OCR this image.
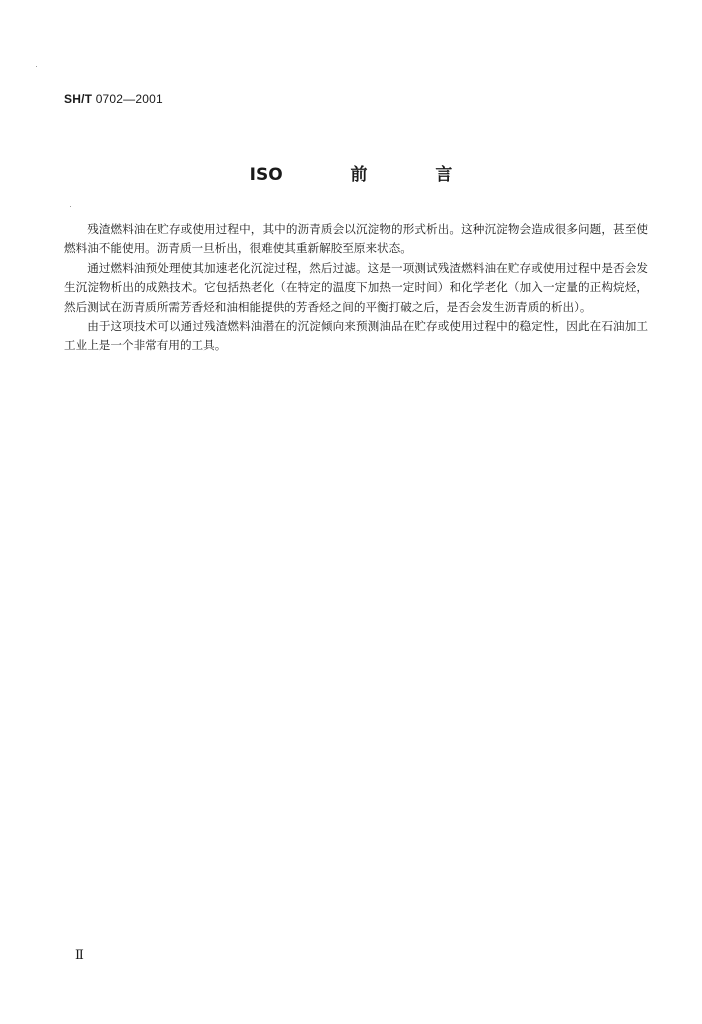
SH/T 0702—2001
ISO  前  言

残渣燃料油在贮存或使用过程中，其中的沥青质会以沉淀物的形式析出。这种沉淀物会造成很多问题，甚至使燃料油不能使用。沥青质一旦析出，很难使其重新解胶至原来状态。

通过燃料油预处理使其加速老化沉淀过程，然后过滤。这是一项测试残渣燃料油在贮存或使用过程中是否会发生沉淀物析出的成熟技术。它包括热老化（在特定的温度下加热一定时间）和化学老化（加入一定量的正构烷烃，然后测试在沥青质所需芳香烃和油相能提供的芳香烃之间的平衡打破之后，是否会发生沥青质的析出）。

由于这项技术可以通过残渣燃料油潜在的沉淀倾向来预测油品在贮存或使用过程中的稳定性，因此在石油加工工业上是一个非常有用的工具。

Ⅱ
